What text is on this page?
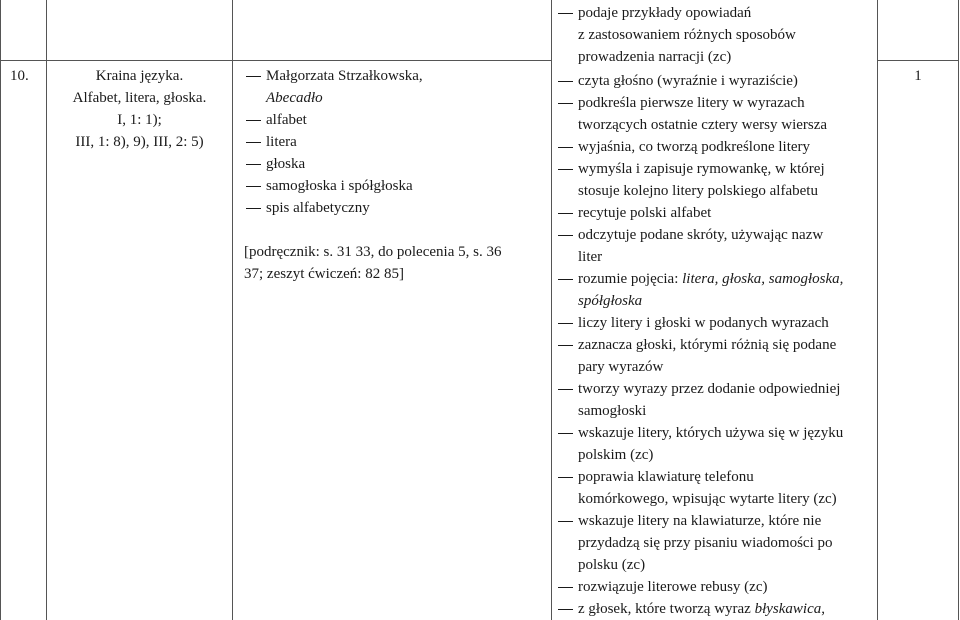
10.	Kraina języka.
Alfabet, litera, głoska.
I, 1: 1);
III, 1: 8), 9), III, 2: 5)
Małgorzata Strzałkowska,
Abecadło
alfabet
litera
głoska
samogłoska i spółgłoska
spis alfabetyczny
[podręcznik: s. 31 33, do polecenia 5, s. 36
37; zeszyt ćwiczeń: 82 85]
podaje przykłady opowiadań
z zastosowaniem różnych sposobów
prowadzenia narracji (zc)
czyta głośno (wyraźnie i wyraziście)
podkreśla pierwsze litery w wyrazach
tworzących ostatnie cztery wersy wiersza
wyjaśnia, co tworzą podkreślone litery
wymyśla i zapisuje rymowankę, w której
stosuje kolejno litery polskiego alfabetu
recytuje polski alfabet
odczytuje podane skróty, używając nazw
liter
rozumie pojęcia: litera, głoska, samogłoska,
spółgłoska
liczy litery i głoski w podanych wyrazach
zaznacza głoski, którymi różnią się podane
pary wyrazów
tworzy wyrazy przez dodanie odpowiedniej
samogłoski
wskazuje litery, których używa się w języku
polskim (zc)
poprawia klawiaturę telefonu
komórkowego, wpisując wytarte litery (zc)
wskazuje litery na klawiaturze, które nie
przydadzą się przy pisaniu wiadomości po
polsku (zc)
rozwiązuje literowe rebusy (zc)
z głosek, które tworzą wyraz błyskawica,
1
